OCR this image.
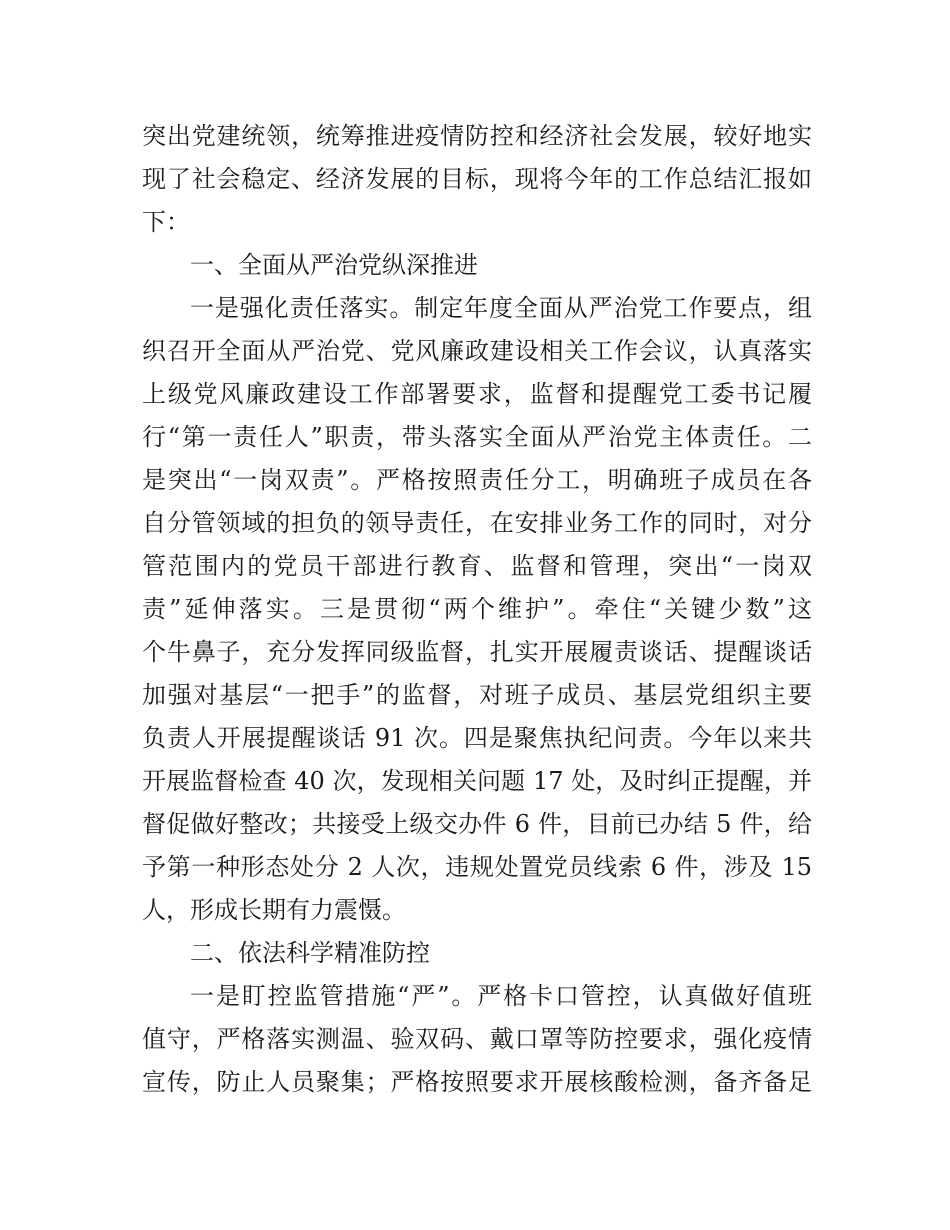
突出党建统领，统筹推进疫情防控和经济社会发展，较好地实
现了社会稳定、经济发展的目标，现将今年的工作总结汇报如
下：
一、全面从严治党纵深推进
一是强化责任落实。制定年度全面从严治党工作要点，组
织召开全面从严治党、党风廉政建设相关工作会议，认真落实
上级党风廉政建设工作部署要求，监督和提醒党工委书记履
行“第一责任人”职责，带头落实全面从严治党主体责任。二
是突出“一岗双责”。严格按照责任分工，明确班子成员在各
自分管领域的担负的领导责任，在安排业务工作的同时，对分
管范围内的党员干部进行教育、监督和管理，突出“一岗双
责”延伸落实。三是贯彻“两个维护”。牵住“关键少数”这
个牛鼻子，充分发挥同级监督，扎实开展履责谈话、提醒谈话
加强对基层“一把手”的监督，对班子成员、基层党组织主要
负责人开展提醒谈话 91 次。四是聚焦执纪问责。今年以来共
开展监督检查 40 次，发现相关问题 17 处，及时纠正提醒，并
督促做好整改；共接受上级交办件 6 件，目前已办结 5 件，给
予第一种形态处分 2 人次，违规处置党员线索 6 件，涉及 15
人，形成长期有力震慑。
二、依法科学精准防控
一是盯控监管措施“严”。严格卡口管控，认真做好值班
值守，严格落实测温、验双码、戴口罩等防控要求，强化疫情
宣传，防止人员聚集；严格按照要求开展核酸检测，备齐备足
